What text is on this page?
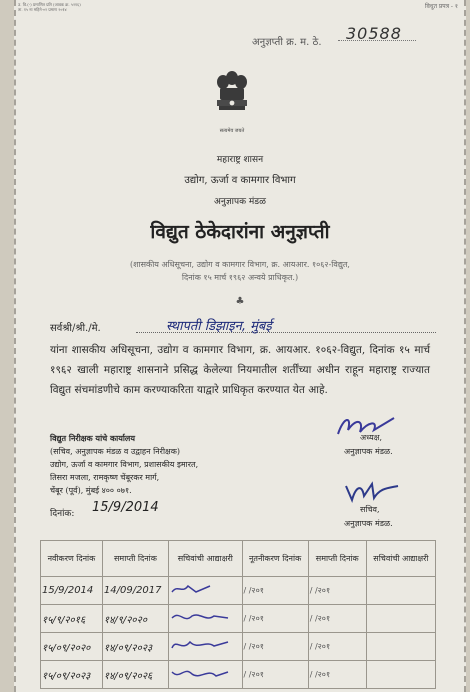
उ. वि.(-) प्रमाणित प्रति (आवक क्र. ५२१६)
ता. १५ ना महिने-०२ प्रमाण २०१४	विधुत प्रपत्र - १
अनुज्ञप्ती क्र. म. ठे. 30588
सत्यमेव जयते
महाराष्ट्र शासन
उद्योग, ऊर्जा व कामगार विभाग
अनुज्ञापक मंडळ
विद्युत ठेकेदारांना अनुज्ञप्ती
(शासकीय अधिसूचना, उद्योग व कामगार विभाग, क्र. आयआर. १०६२-विद्युत,
दिनांक १५ मार्च १९६२ अन्वये प्राधिकृत.)
♣
सर्वश्री/श्री./मे.	स्थापती डिझाइन, मुंबई
यांना शासकीय अधिसूचना, उद्योग व कामगार विभाग, क्र. आयआर. १०६२-विद्युत, दिनांक १५ मार्च १९६२ खाली महाराष्ट्र शासनाने प्रसिद्ध केलेल्या नियमातील शर्तींच्या अधीन राहून महाराष्ट्र राज्यात विद्युत संचमांडणीचे काम करण्याकरिता याद्वारे प्राधिकृत करण्यात येत आहे.
अध्यक्ष,
अनुज्ञापक मंडळ.
विद्युत निरीक्षक यांचे कार्यालय
(सचिव, अनुज्ञापक मंडळ व उद्वाहन निरीक्षक)
उद्योग, ऊर्जा व कामगार विभाग, प्रशासकीय इमारत,
तिसरा मजला, रामकृष्ण चेंबूरकर मार्ग,
चेंबूर (पूर्व), मुंबई ४०० ०७१.
दिनांक: 15/9/2014	सचिव,
अनुज्ञापक मंडळ.
नवीकरण दिनांक	समाप्ती दिनांक	सचिवांची आद्याक्षरी	नूतनीकरण दिनांक	समाप्ती दिनांक	सचिवांची आद्याक्षरी
15/9/2014	14/09/2017		/ /२०१	/ /२०१	
१५/९/२०१६	१४/९/२०२०		/ /२०१	/ /२०१	
१५/०९/२०२०	१४/०९/२०२३		/ /२०१	/ /२०१	
१५/०९/२०२३	१४/०९/२०२६		/ /२०१	/ /२०१	
